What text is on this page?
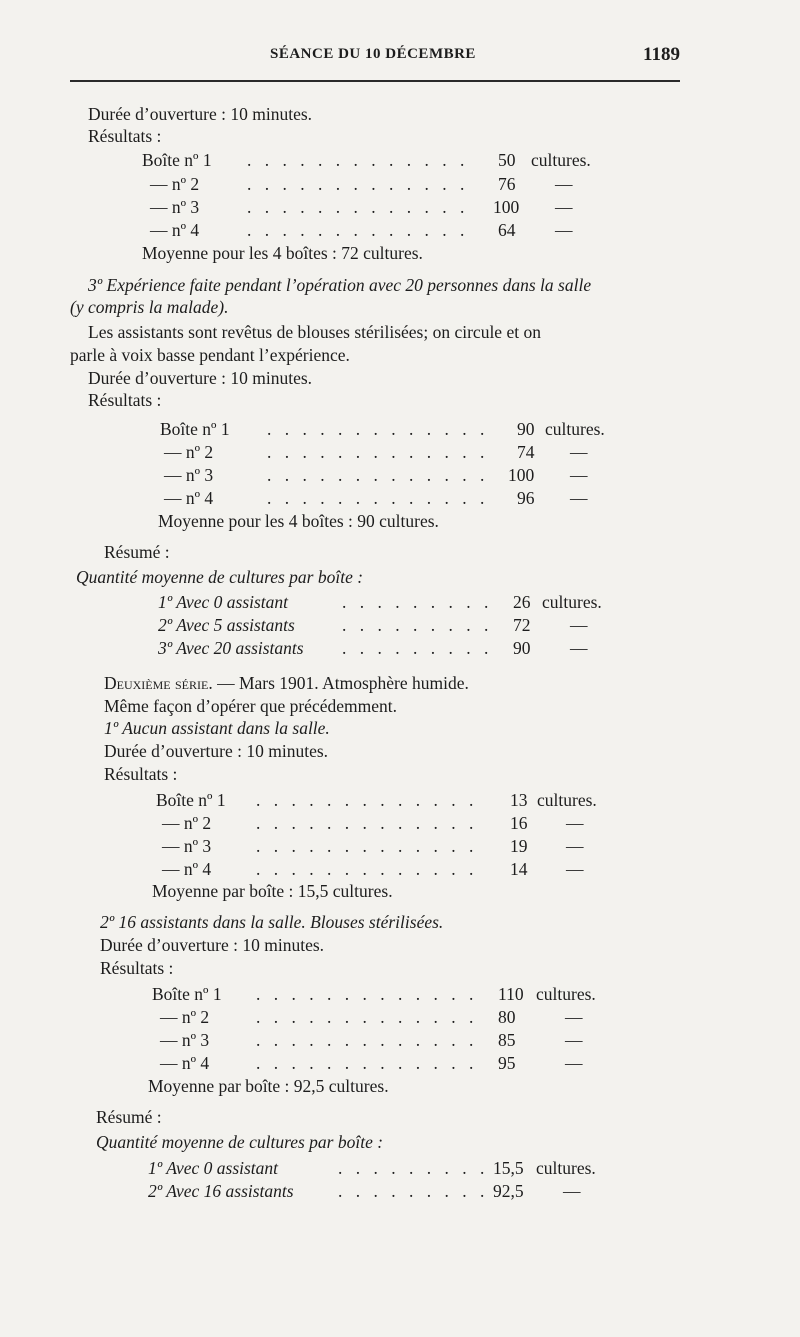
SÉANCE DU 10 DÉCEMBRE	1189
Durée d’ouverture : 10 minutes.
Résultats :
Boîte nº 1 . . . . . . . . . . . . . 50 cultures.
— nº 2	. . . . . . . . . . . . . 76 —
— nº 3	. . . . . . . . . . . . . 100 —
— nº 4	. . . . . . . . . . . . . 64 —
Moyenne pour les 4 boîtes : 72 cultures.
3º Expérience faite pendant l’opération avec 20 personnes dans la salle
(y compris la malade).
Les assistants sont revêtus de blouses stérilisées; on circule et on
parle à voix basse pendant l’expérience.
Durée d’ouverture : 10 minutes.
Résultats :
Boîte nº 1 . . . . . . . . . . . . . 90 cultures.
— nº 2	. . . . . . . . . . . . . 74 —
— nº 3	. . . . . . . . . . . . . 100 —
— nº 4	. . . . . . . . . . . . . 96 —
Moyenne pour les 4 boîtes : 90 cultures.
Résumé :
Quantité moyenne de cultures par boîte :
1º Avec 0 assistant	. . . . . . . . . 26 cultures.
2º Avec 5 assistants	. . . . . . . . . 72 —
3º Avec 20 assistants . . . . . . . . . 90 —
Deuxième série. — Mars 1901. Atmosphère humide.
Même façon d’opérer que précédemment.
1º Aucun assistant dans la salle.
Durée d’ouverture : 10 minutes.
Résultats :
Boîte nº 1 . . . . . . . . . . . . . 13 cultures.
— nº 2	. . . . . . . . . . . . . 16 —
— nº 3	. . . . . . . . . . . . . 19 —
— nº 4	. . . . . . . . . . . . . 14 —
Moyenne par boîte : 15,5 cultures.
2º 16 assistants dans la salle. Blouses stérilisées.
Durée d’ouverture : 10 minutes.
Résultats :
Boîte nº 1 . . . . . . . . . . . . . 110 cultures.
— nº 2	. . . . . . . . . . . . . 80	—
— nº 3	. . . . . . . . . . . . . 85	—
— nº 4	. . . . . . . . . . . . . 95	—
Moyenne par boîte : 92,5 cultures.
Résumé :
Quantité moyenne de cultures par boîte :
1º Avec 0 assistant	. . . . . . . . . 15,5 cultures.
2º Avec 16 assistants	. . . . . . . . . 92,5 —
